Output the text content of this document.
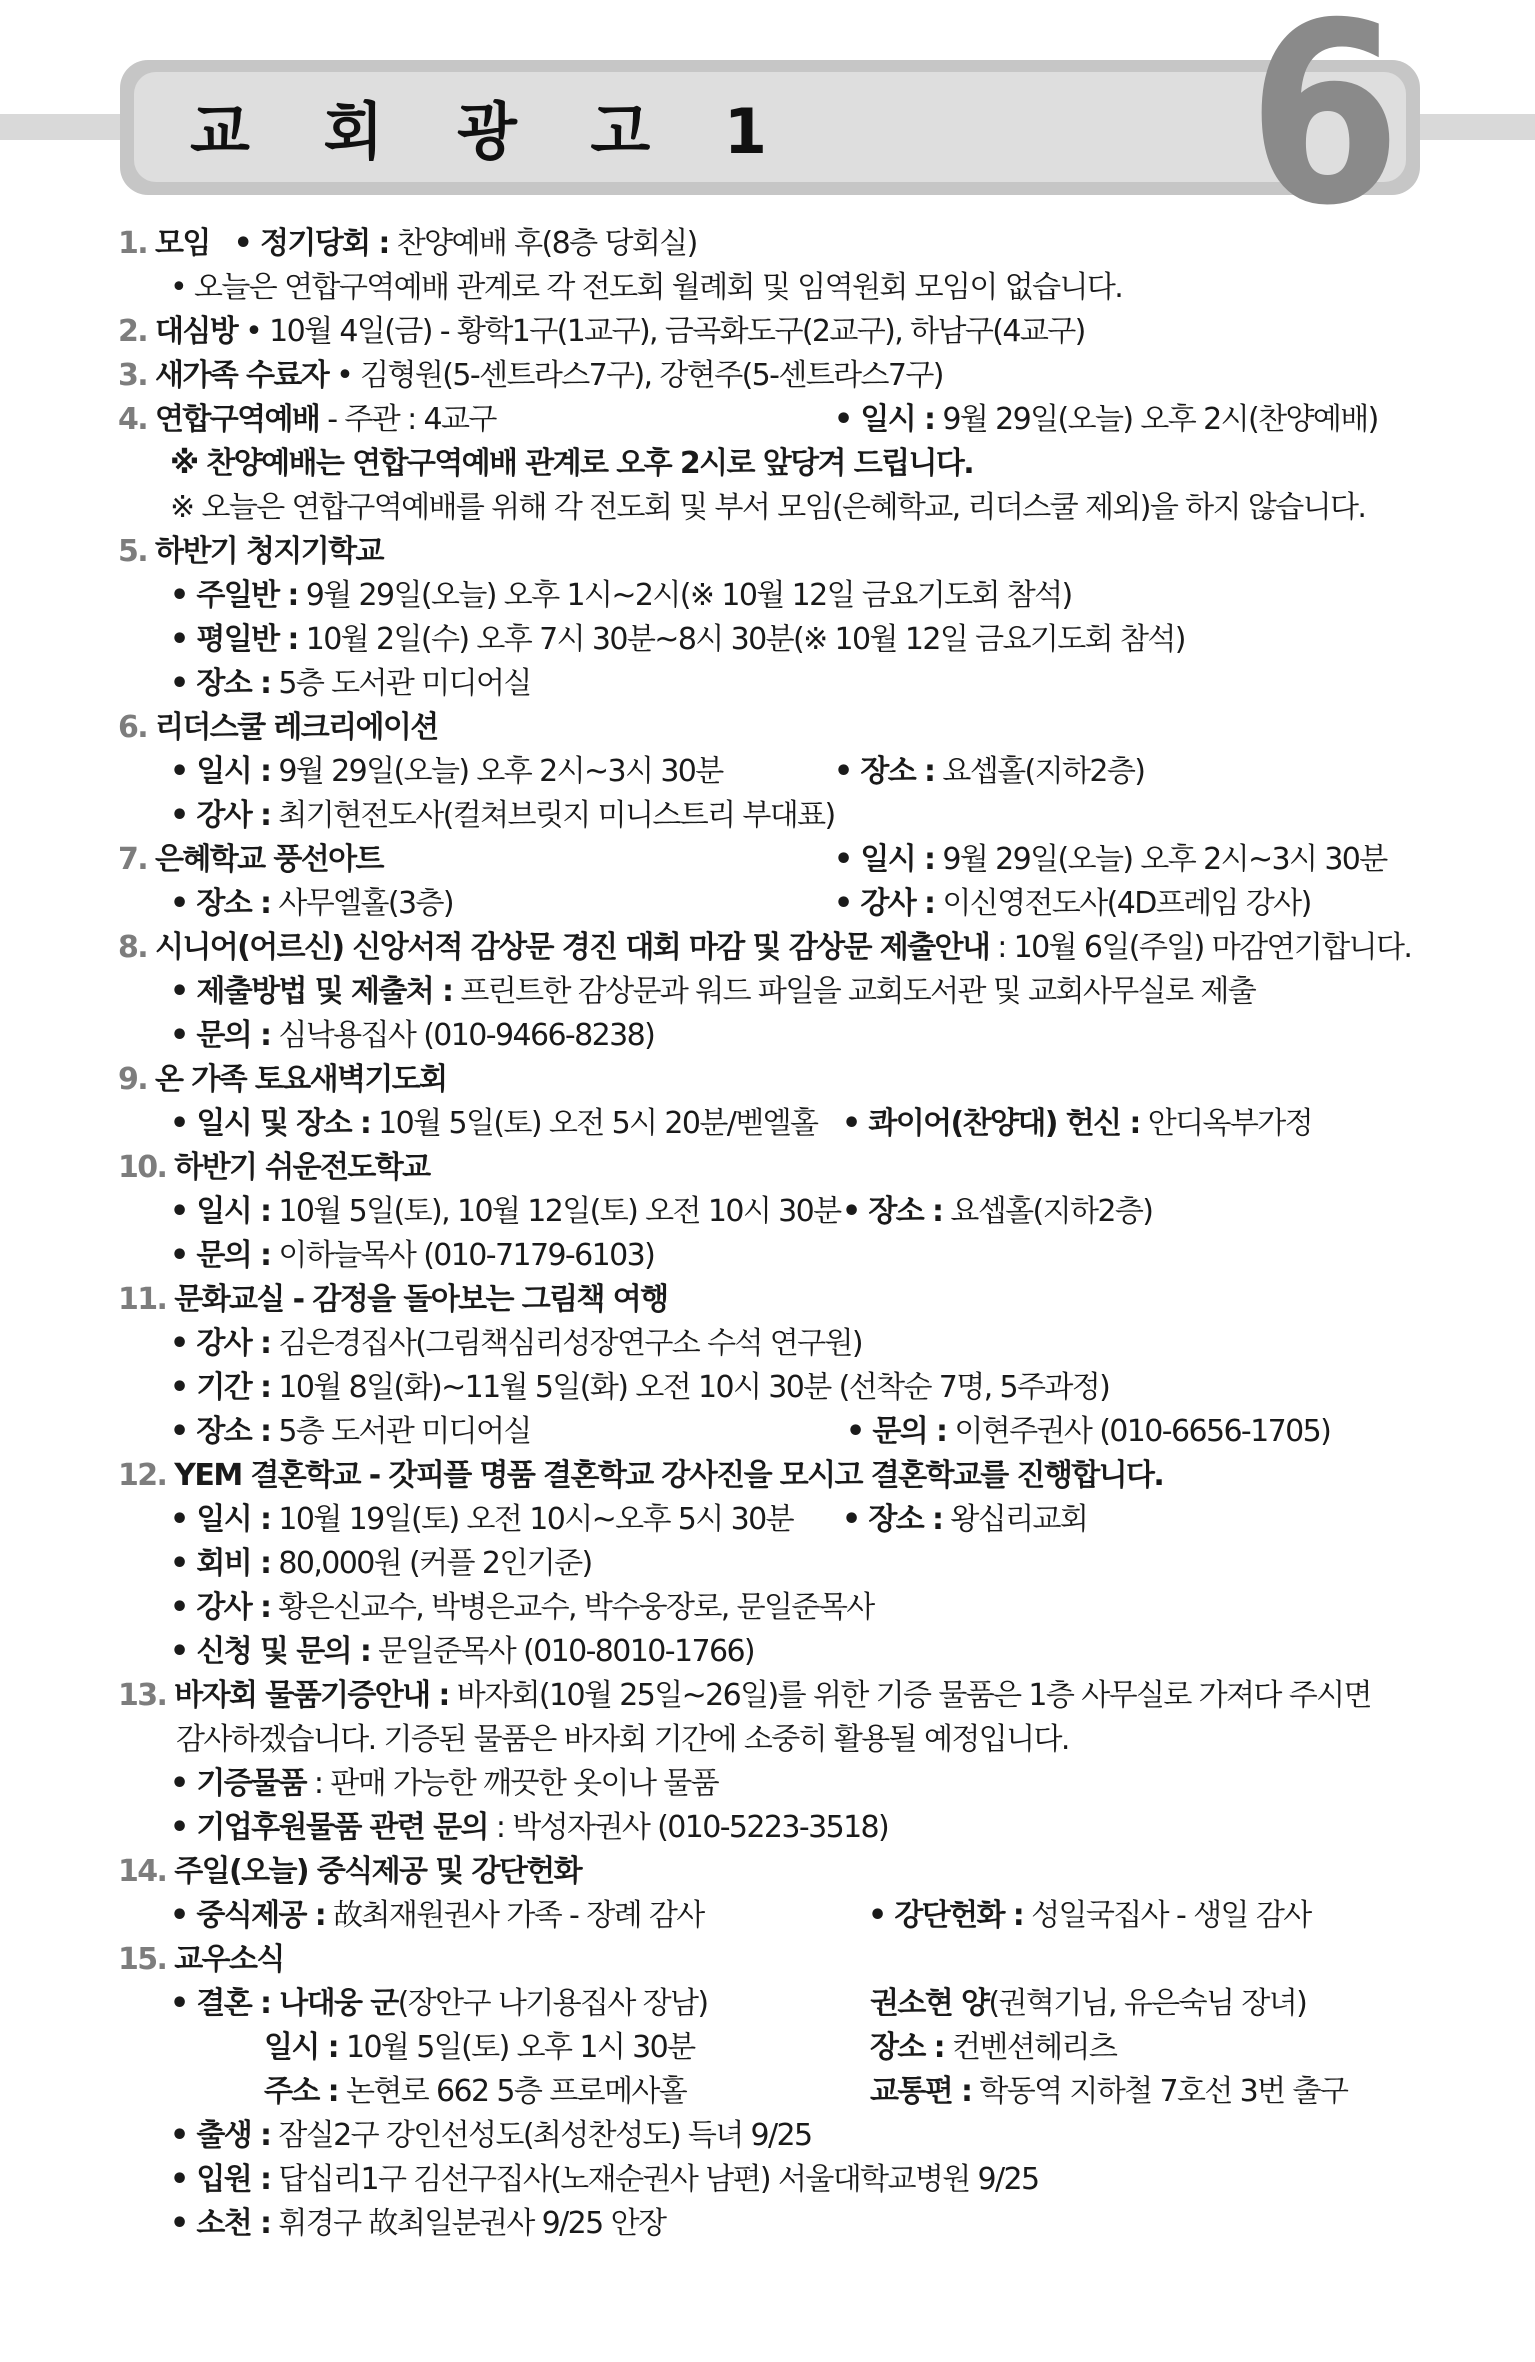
교 회 광 고 1 6
1. 모임 • 정기당회 : 찬양예배 후(8층 당회실)
• 오늘은 연합구역예배 관계로 각 전도회 월례회 및 임역원회 모임이 없습니다.
2. 대심방 • 10월 4일(금) - 황학1구(1교구), 금곡화도구(2교구), 하남구(4교구)
3. 새가족 수료자 • 김형원(5-센트라스7구), 강현주(5-센트라스7구)
4. 연합구역예배 - 주관 : 4교구	• 일시 : 9월 29일(오늘) 오후 2시(찬양예배)
※ 찬양예배는 연합구역예배 관계로 오후 2시로 앞당겨 드립니다.
※ 오늘은 연합구역예배를 위해 각 전도회 및 부서 모임(은혜학교, 리더스쿨 제외)을 하지 않습니다.
5. 하반기 청지기학교
• 주일반 : 9월 29일(오늘) 오후 1시~2시(※ 10월 12일 금요기도회 참석)
• 평일반 : 10월 2일(수) 오후 7시 30분~8시 30분(※ 10월 12일 금요기도회 참석)
• 장소 : 5층 도서관 미디어실
6. 리더스쿨 레크리에이션
• 일시 : 9월 29일(오늘) 오후 2시~3시 30분	• 장소 : 요셉홀(지하2층)
• 강사 : 최기현전도사(컬쳐브릿지 미니스트리 부대표)
7. 은혜학교 풍선아트	• 일시 : 9월 29일(오늘) 오후 2시~3시 30분
• 장소 : 사무엘홀(3층)	• 강사 : 이신영전도사(4D프레임 강사)
8. 시니어(어르신) 신앙서적 감상문 경진 대회 마감 및 감상문 제출안내 : 10월 6일(주일) 마감연기합니다.
• 제출방법 및 제출처 : 프린트한 감상문과 워드 파일을 교회도서관 및 교회사무실로 제출
• 문의 : 심낙용집사 (010-9466-8238)
9. 온 가족 토요새벽기도회
• 일시 및 장소 : 10월 5일(토) 오전 5시 20분/벧엘홀 • 콰이어(찬양대) 헌신 : 안디옥부가정
10. 하반기 쉬운전도학교
• 일시 : 10월 5일(토), 10월 12일(토) 오전 10시 30분 • 장소 : 요셉홀(지하2층)
• 문의 : 이하늘목사 (010-7179-6103)
11. 문화교실 - 감정을 돌아보는 그림책 여행
• 강사 : 김은경집사(그림책심리성장연구소 수석 연구원)
• 기간 : 10월 8일(화)~11월 5일(화) 오전 10시 30분 (선착순 7명, 5주과정)
• 장소 : 5층 도서관 미디어실	• 문의 : 이현주권사 (010-6656-1705)
12. YEM 결혼학교 - 갓피플 명품 결혼학교 강사진을 모시고 결혼학교를 진행합니다.
• 일시 : 10월 19일(토) 오전 10시~오후 5시 30분 • 장소 : 왕십리교회
• 회비 : 80,000원 (커플 2인기준)
• 강사 : 황은신교수, 박병은교수, 박수웅장로, 문일준목사
• 신청 및 문의 : 문일준목사 (010-8010-1766)
13. 바자회 물품기증안내 : 바자회(10월 25일~26일)를 위한 기증 물품은 1층 사무실로 가져다 주시면
감사하겠습니다. 기증된 물품은 바자회 기간에 소중히 활용될 예정입니다.
• 기증물품 : 판매 가능한 깨끗한 옷이나 물품
• 기업후원물품 관련 문의 : 박성자권사 (010-5223-3518)
14. 주일(오늘) 중식제공 및 강단헌화
• 중식제공 : 故최재원권사 가족 - 장례 감사	• 강단헌화 : 성일국집사 - 생일 감사
15. 교우소식
• 결혼 : 나대웅 군(장안구 나기용집사 장남)	권소현 양(권혁기님, 유은숙님 장녀)
일시 : 10월 5일(토) 오후 1시 30분	장소 : 컨벤션헤리츠
주소 : 논현로 662 5층 프로메사홀	교통편 : 학동역 지하철 7호선 3번 출구
• 출생 : 잠실2구 강인선성도(최성찬성도) 득녀 9/25
• 입원 : 답십리1구 김선구집사(노재순권사 남편) 서울대학교병원 9/25
• 소천 : 휘경구 故최일분권사 9/25 안장
